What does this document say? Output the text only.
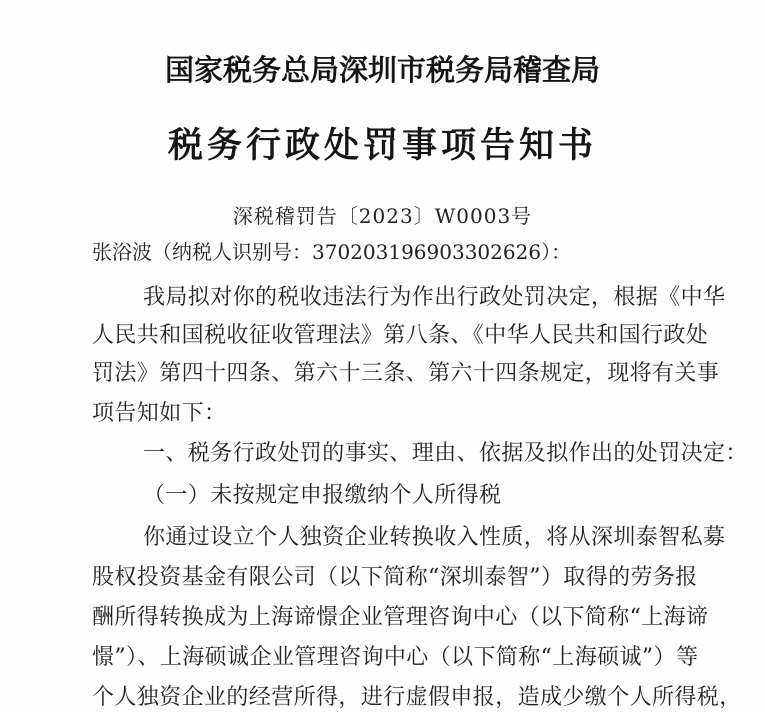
国家税务总局深圳市税务局稽查局
税务行政处罚事项告知书
深税稽罚告〔2023〕W0003号
张浴波（纳税人识别号：370203196903302626）：
我局拟对你的税收违法行为作出行政处罚决定，根据《中华
人民共和国税收征收管理法》第八条、《中华人民共和国行政处
罚法》第四十四条、第六十三条、第六十四条规定，现将有关事
项告知如下：
一、税务行政处罚的事实、理由、依据及拟作出的处罚决定：
（一）未按规定申报缴纳个人所得税
你通过设立个人独资企业转换收入性质，将从深圳泰智私募
股权投资基金有限公司（以下简称“深圳泰智”）取得的劳务报
酬所得转换成为上海谛憬企业管理咨询中心（以下简称“上海谛
憬”）、上海硕诚企业管理咨询中心（以下简称“上海硕诚”）等
个人独资企业的经营所得，进行虚假申报，造成少缴个人所得税，
